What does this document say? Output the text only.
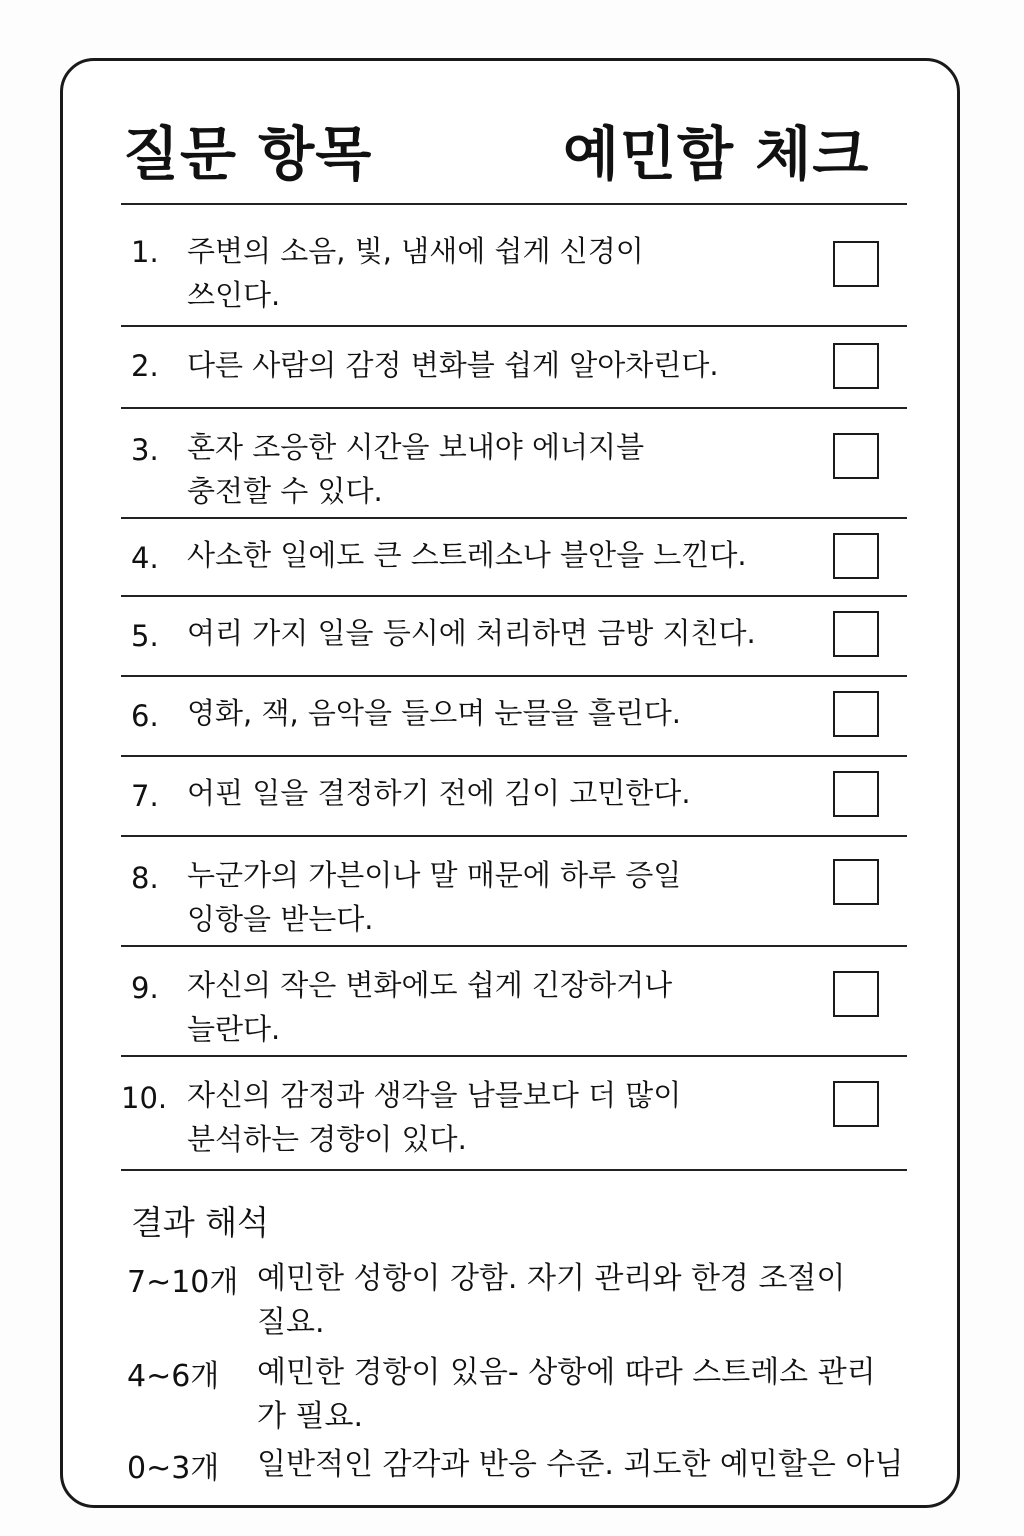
질문 항목	예민함 체크
1. 주변의 소음, 빛, 냄새에 쉽게 신경이
쓰인다.
2. 다른 사람의 감정 변화블 쉽게 알아차린다.
3. 혼자 조응한 시간을 보내야 에너지블
충전할 수 있다.
4. 사소한 일에도 큰 스트레소나 블안을 느낀다.
5. 여리 가지 일을 등시에 처리하면 금방 지친다.
6. 영화, 잭, 음악을 들으며 눈믈을 흘린다.
7. 어핀 일을 결정하기 전에 김이 고민한다.
8. 누군가의 가븐이나 말 매문에 하루 증일
잉항을 받는다.
9. 자신의 작은 변화에도 쉽게 긴장하거나
늘란다.
10. 자신의 감정과 생각을 남믈보다 더 많이
분석하는 경향이 있다.
결과 해석
7~10개 예민한 성항이 강함. 자기 관리와 한경 조절이
질요.
4~6개 예민한 경항이 있음- 상항에 따라 스트레소 관리
가 필요.
0~3개 일반적인 감각과 반응 수준. 괴도한 예민할은 아님
